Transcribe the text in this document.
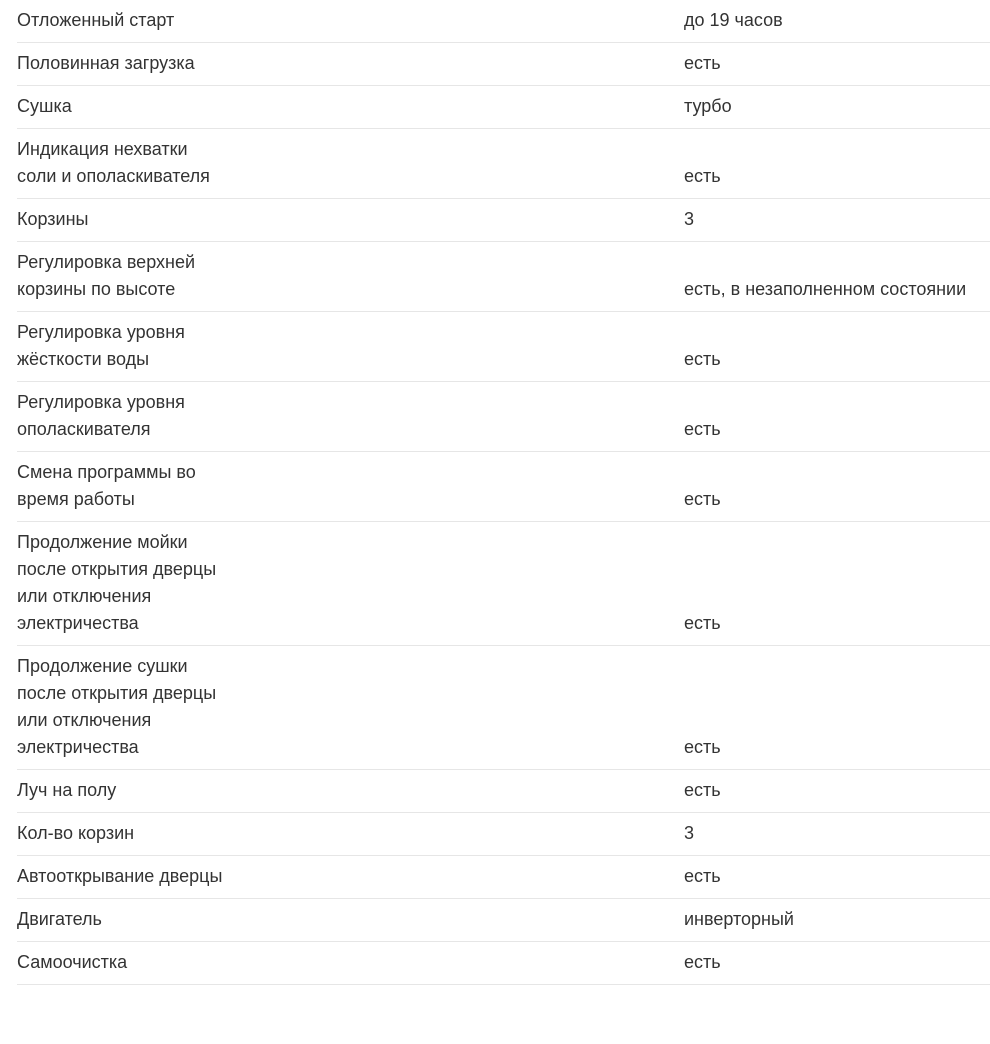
Отложенный старт	до 19 часов
Половинная загрузка	есть
Сушка	турбо
Индикация нехватки
соли и ополаскивателя	есть
Корзины	3
Регулировка верхней
корзины по высоте	есть, в незаполненном состоянии
Регулировка уровня
жёсткости воды	есть
Регулировка уровня
ополаскивателя	есть
Смена программы во
время работы	есть
Продолжение мойки
после открытия дверцы
или отключения
электричества	есть
Продолжение сушки
после открытия дверцы
или отключения
электричества	есть
Луч на полу	есть
Кол-во корзин	3
Автооткрывание дверцы	есть
Двигатель	инверторный
Самоочистка	есть
